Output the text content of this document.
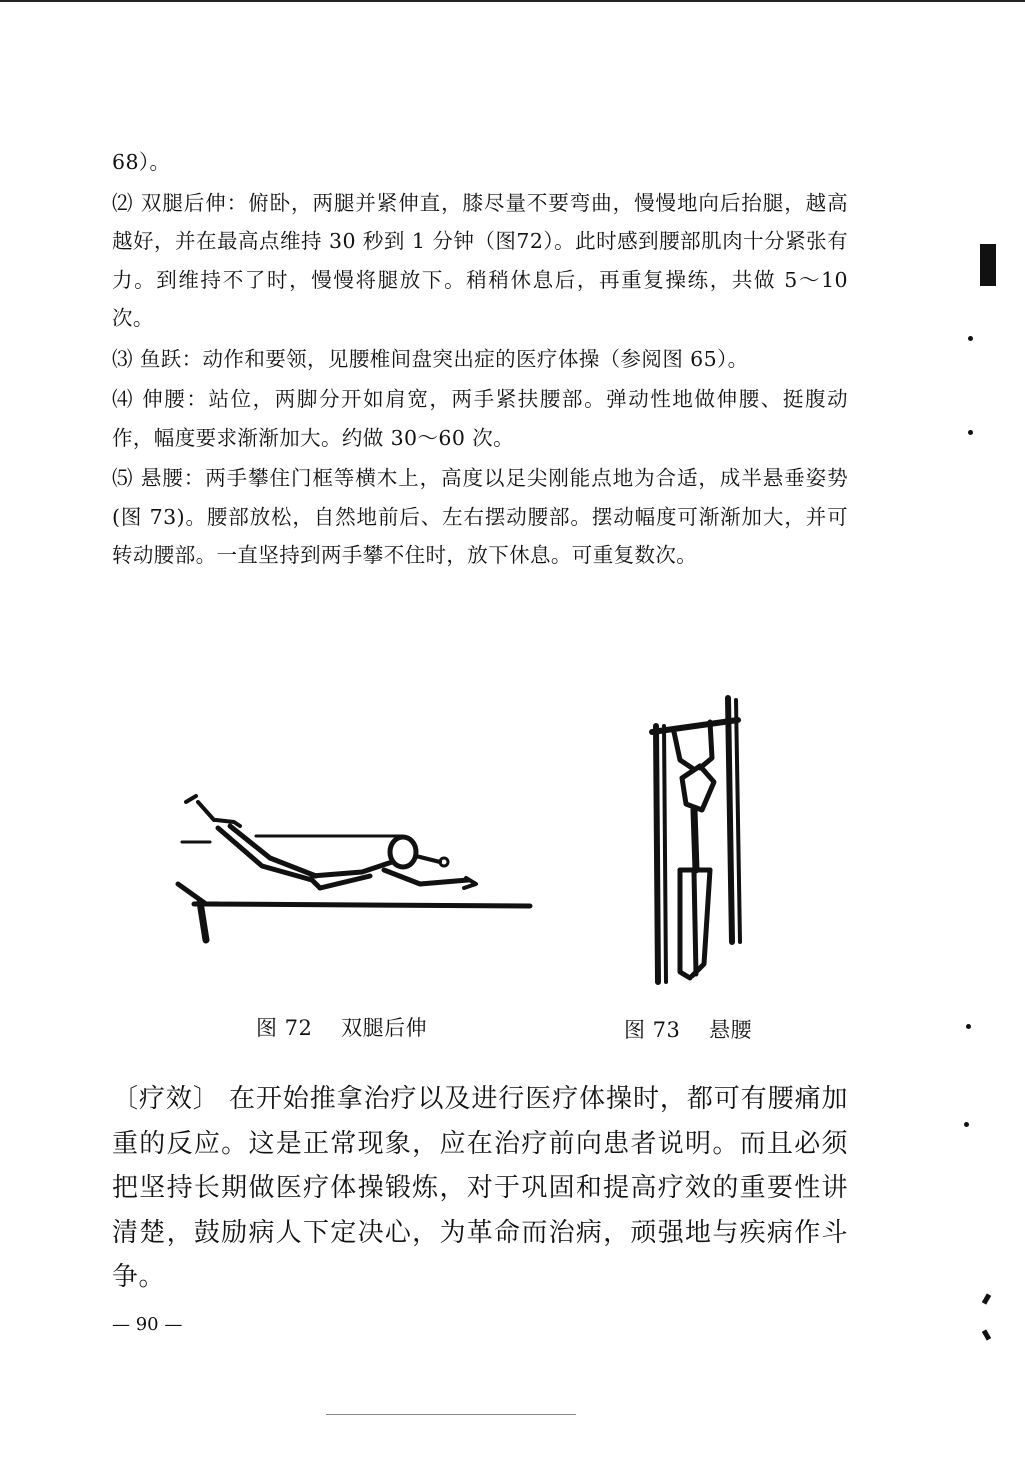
68）。

⑵ 双腿后伸：俯卧，两腿并紧伸直，膝尽量不要弯曲，慢慢地向后抬腿，越高越好，并在最高点维持 30 秒到 1 分钟（图72）。此时感到腰部肌肉十分紧张有力。到维持不了时，慢慢将腿放下。稍稍休息后，再重复操练，共做 5～10 次。

⑶ 鱼跃：动作和要领，见腰椎间盘突出症的医疗体操（参阅图 65）。

⑷ 伸腰：站位，两脚分开如肩宽，两手紧扶腰部。弹动性地做伸腰、挺腹动作，幅度要求渐渐加大。约做 30～60 次。

⑸ 悬腰：两手攀住门框等横木上，高度以足尖刚能点地为合适，成半悬垂姿势(图 73)。腰部放松，自然地前后、左右摆动腰部。摆动幅度可渐渐加大，并可转动腰部。一直坚持到两手攀不住时，放下休息。可重复数次。

图 72    双腿后伸	图 73    悬腰
〔疗效〕 在开始推拿治疗以及进行医疗体操时，都可有腰痛加重的反应。这是正常现象，应在治疗前向患者说明。而且必须把坚持长期做医疗体操锻炼，对于巩固和提高疗效的重要性讲清楚，鼓励病人下定决心，为革命而治病，顽强地与疾病作斗争。
— 90 —
